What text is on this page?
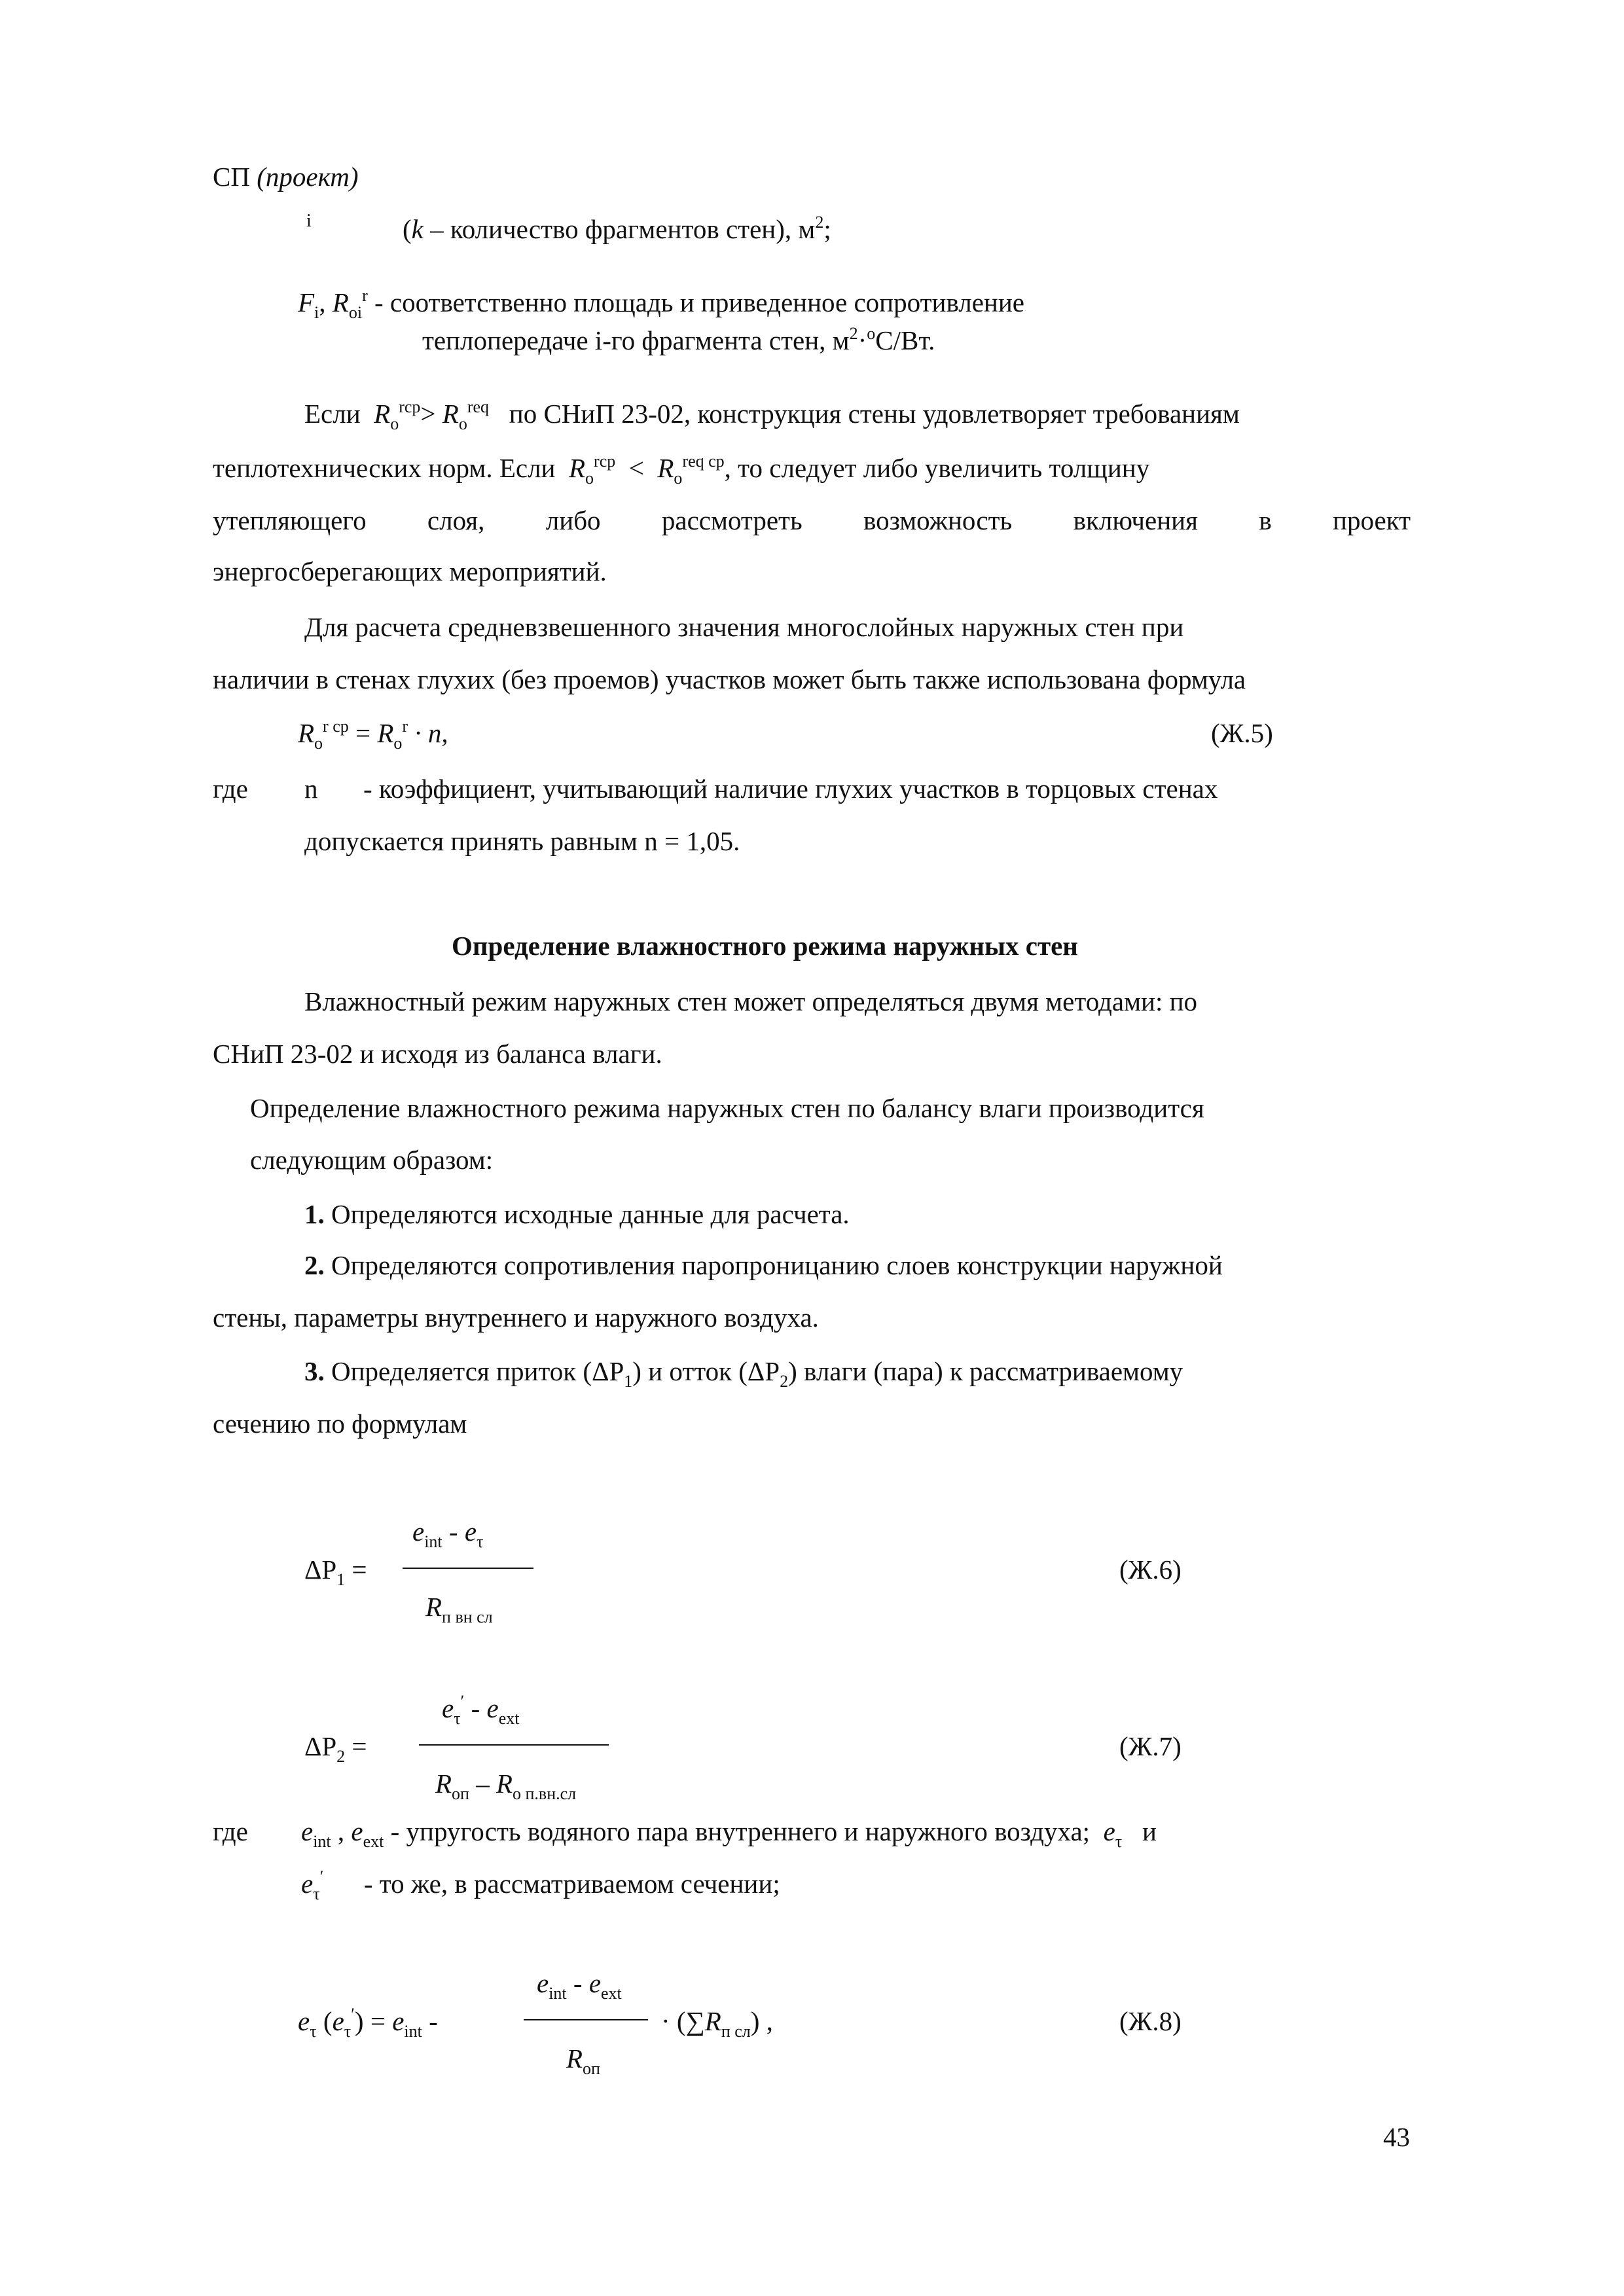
СП (проект)
i	(k – количество фрагментов стен), $м^2$;
$F_i$, $R_{oi}^r$ - соответственно площадь и приведенное сопротивление
теплопередаче i-го фрагмента стен, $м^2\cdot^oС/Вт$.
Если $R_o^{rcp}> R_o^{req}$ по СНиП 23-02, конструкция стены удовлетворяет требованиям
теплотехнических норм. Если $R_o^{rcp} < R_o^{req cp}$, то следует либо увеличить толщину
утепляющего слоя, либо рассмотреть возможность включения в проект
энергосберегающих мероприятий.
Для расчета средневзвешенного значения многослойных наружных стен при
наличии в стенах глухих (без проемов) участков может быть также использована формула
$R_o^{r cp} = R_o^r \cdot n$,	(Ж.5)
где n - коэффициент, учитывающий наличие глухих участков в торцовых стенах
допускается принять равным n = 1,05.
Определение влажностного режима наружных стен
Влажностный режим наружных стен может определяться двумя методами: по
СНиП 23-02 и исходя из баланса влаги.
Определение влажностного режима наружных стен по балансу влаги производится
следующим образом:
1. Определяются исходные данные для расчета.
2. Определяются сопротивления паропроницанию слоев конструкции наружной
стены, параметры внутреннего и наружного воздуха.
3. Определяется приток $(\Delta P_1)$ и отток $(\Delta P_2)$ влаги (пара) к рассматриваемому
сечению по формулам
$\Delta P_1$ =
$e_{int} - e_\tau$
$R_{п вн сл}$
(Ж.6)
$\Delta P_2$ =
$e_\tau' - e_{ext}$
$R_{оп} - R_{о п.вн.сл}$
(Ж.7)
где $e_{int}$ , $e_{ext}$ - упругость водяного пара внутреннего и наружного воздуха; $e_\tau$ и
$e_\tau'$ - то же, в рассматриваемом сечении;
$e_\tau$ $(e_\tau') = e_{int}$ -
$e_{int} - e_{ext}$
$R_{оп}$
· $(\sum R_{п сл})$ ,	(Ж.8)
43
